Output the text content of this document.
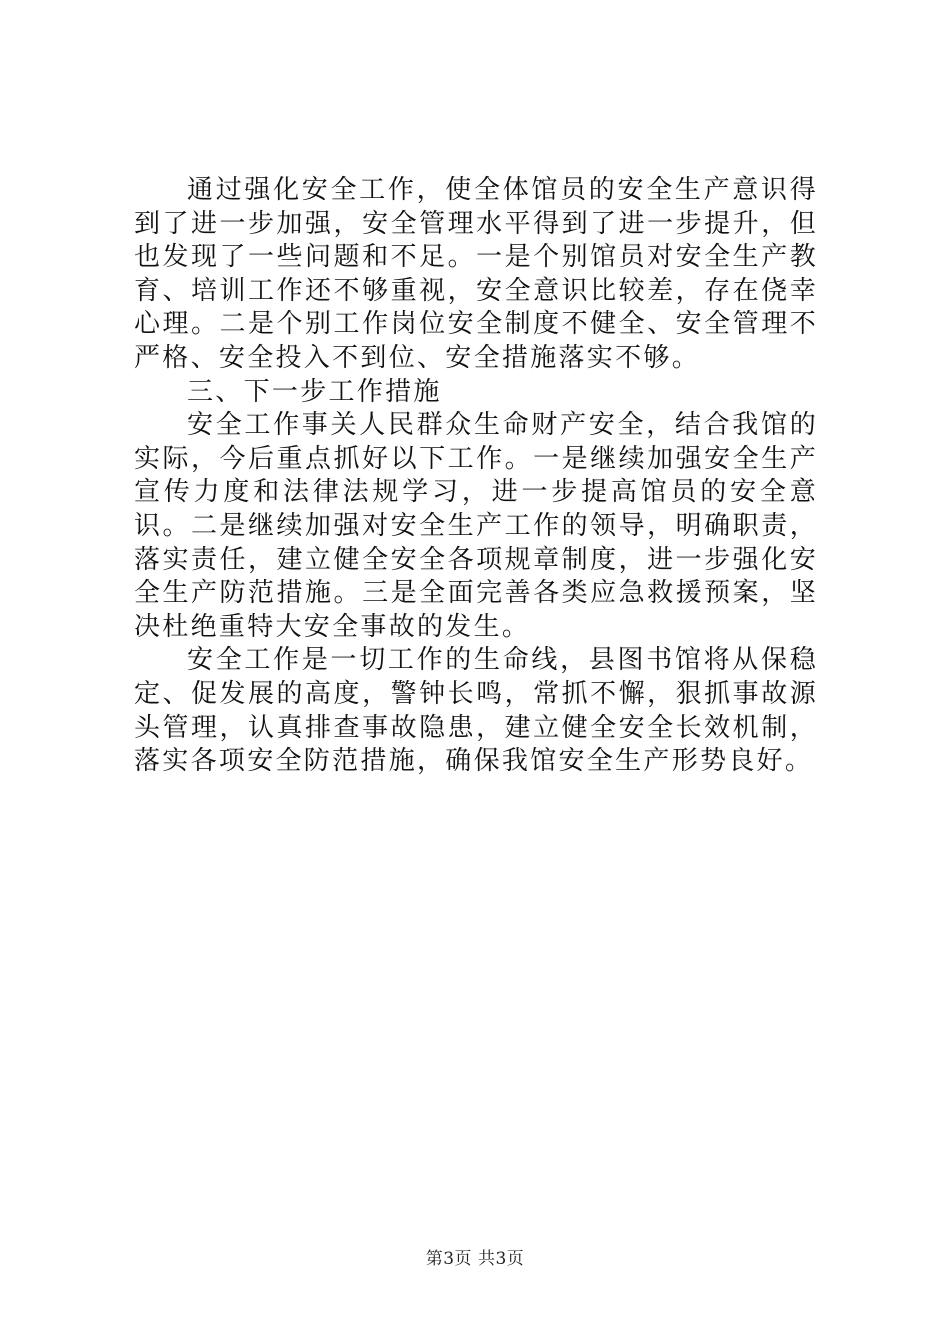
通过强化安全工作，使全体馆员的安全生产意识得到了进一步加强，安全管理水平得到了进一步提升，但也发现了一些问题和不足。一是个别馆员对安全生产教育、培训工作还不够重视，安全意识比较差，存在侥幸心理。二是个别工作岗位安全制度不健全、安全管理不严格、安全投入不到位、安全措施落实不够。

三、下一步工作措施

安全工作事关人民群众生命财产安全，结合我馆的实际，今后重点抓好以下工作。一是继续加强安全生产宣传力度和法律法规学习，进一步提高馆员的安全意识。二是继续加强对安全生产工作的领导，明确职责，落实责任，建立健全安全各项规章制度，进一步强化安全生产防范措施。三是全面完善各类应急救援预案，坚决杜绝重特大安全事故的发生。

安全工作是一切工作的生命线，县图书馆将从保稳定、促发展的高度，警钟长鸣，常抓不懈，狠抓事故源头管理，认真排查事故隐患，建立健全安全长效机制，落实各项安全防范措施，确保我馆安全生产形势良好。

第3页 共3页
